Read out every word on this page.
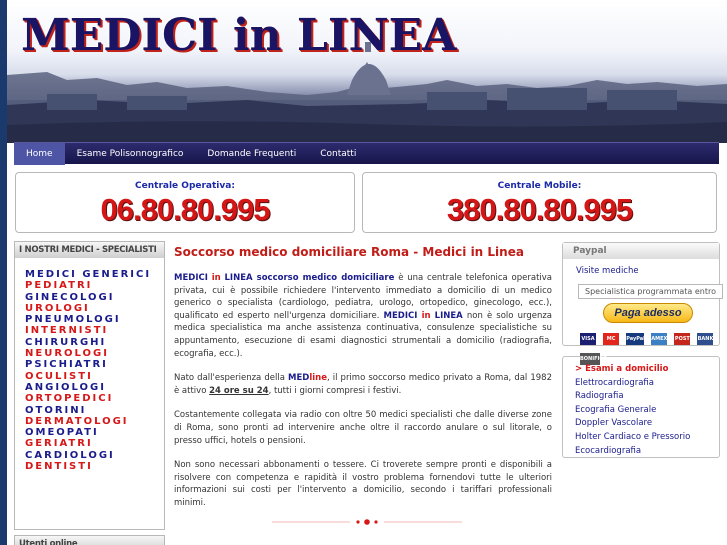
MEDICI in LINEA
Home	Esame Polisonnografico	Domande Frequenti	Contatti
Centrale Operativa:
06.80.80.995
Centrale Mobile:
380.80.80.995
I NOSTRI MEDICI - SPECIALISTI
MEDICI GENERICI
PEDIATRI
GINECOLOGI
UROLOGI
PNEUMOLOGI
INTERNISTI
CHIRURGHI
NEUROLOGI
PSICHIATRI
OCULISTI
ANGIOLOGI
ORTOPEDICI
OTORINI
DERMATOLOGI
OMEOPATI
GERIATRI
CARDIOLOGI
DENTISTI
Utenti online
Soccorso medico domiciliare Roma - Medici in Linea

MEDICI in LINEA soccorso medico domiciliare è una centrale telefonica operativa privata, cui è possibile richiedere l'intervento immediato a domicilio di un medico generico o specialista (cardiologo, pediatra, urologo, ortopedico, ginecologo, ecc.), qualificato ed esperto nell'urgenza domiciliare. MEDICI in LINEA non è solo urgenza medica specialistica ma anche assistenza continuativa, consulenze specialistiche su appuntamento, esecuzione di esami diagnostici strumentali a domicilio (radiografia, ecografia, ecc.).

Nato dall'esperienza della MEDline, il primo soccorso medico privato a Roma, dal 1982 è attivo 24 ore su 24, tutti i giorni compresi i festivi.

Costantemente collegata via radio con oltre 50 medici specialisti che dalle diverse zone di Roma, sono pronti ad intervenire anche oltre il raccordo anulare o sul litorale, o presso uffici, hotels o pensioni.

Non sono necessari abbonamenti o tessere. Ci troverete sempre pronti e disponibili a risolvere con competenza e rapidità il vostro problema fornendovi tutte le ulteriori informazioni sui costi per l'intervento a domicilio, secondo i tariffari professionali minimi.

Paypal
Visite mediche
Specialistica programmata entro
Paga adesso
VISA MC PayPal AMEX POST BANK BONIFICO
> Esami a domicilio
Elettrocardiografia
Radiografia
Ecografia Generale
Doppler Vascolare
Holter Cardiaco e Pressorio
Ecocardiografia
